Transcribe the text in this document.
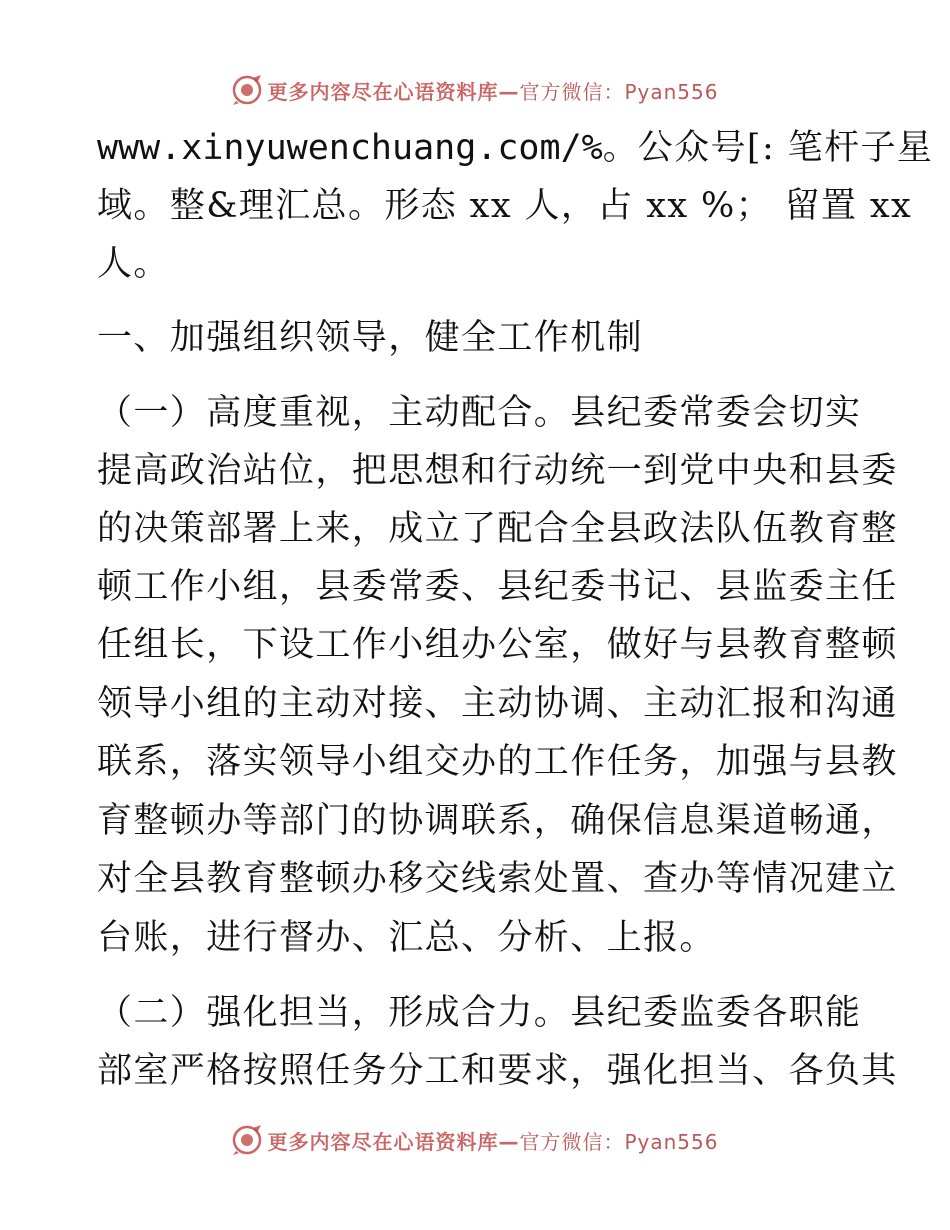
更多内容尽在心语资料库—官方微信：Pyan556
www.xinyuwenchuang.com/%。公众号[: 笔杆子星
域。整&理汇总。形态 xx 人，占 xx %； 留置 xx
人。
一、加强组织领导，健全工作机制
（一）高度重视，主动配合。县纪委常委会切实
提高政治站位，把思想和行动统一到党中央和县委
的决策部署上来，成立了配合全县政法队伍教育整
顿工作小组，县委常委、县纪委书记、县监委主任
任组长，下设工作小组办公室，做好与县教育整顿
领导小组的主动对接、主动协调、主动汇报和沟通
联系，落实领导小组交办的工作任务，加强与县教
育整顿办等部门的协调联系，确保信息渠道畅通，
对全县教育整顿办移交线索处置、查办等情况建立
台账，进行督办、汇总、分析、上报。
（二）强化担当，形成合力。县纪委监委各职能
部室严格按照任务分工和要求，强化担当、各负其
更多内容尽在心语资料库—官方微信：Pyan556
